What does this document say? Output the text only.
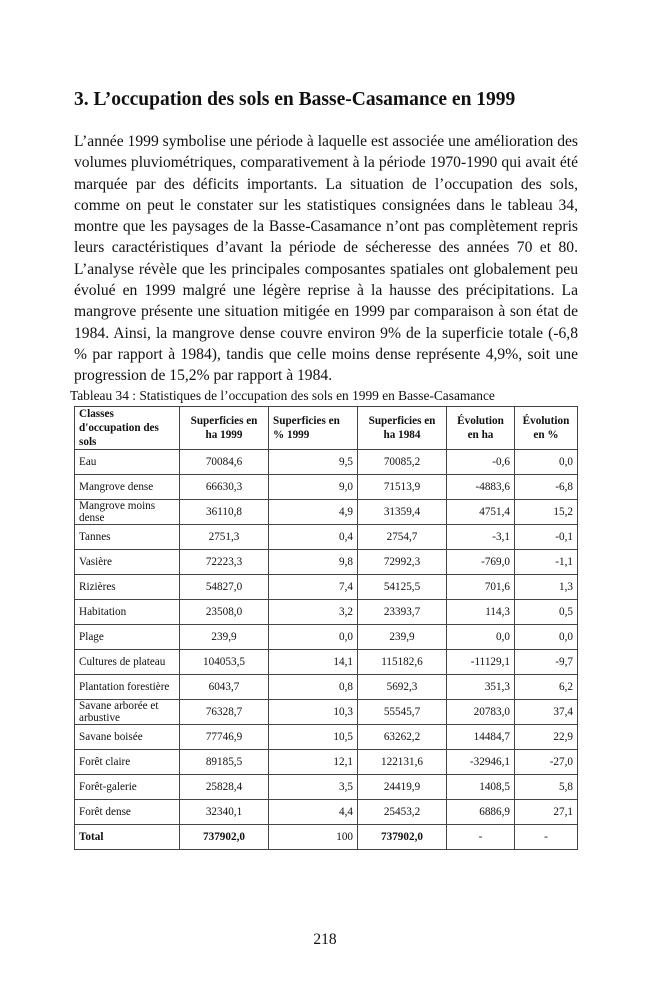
3. L’occupation des sols en Basse-Casamance en 1999

L’année 1999 symbolise une période à laquelle est associée une amélioration des volumes pluviométriques, comparativement à la période 1970-1990 qui avait été marquée par des déficits importants. La situation de l’occupation des sols, comme on peut le constater sur les statistiques consignées dans le tableau 34, montre que les paysages de la Basse-Casamance n’ont pas complètement repris leurs caractéristiques d’avant la période de sécheresse des années 70 et 80. L’analyse révèle que les principales composantes spatiales ont globalement peu évolué en 1999 malgré une légère reprise à la hausse des précipitations. La mangrove présente une situation mitigée en 1999 par comparaison à son état de 1984. Ainsi, la mangrove dense couvre environ 9% de la superficie totale (-6,8 % par rapport à 1984), tandis que celle moins dense représente 4,9%, soit une progression de 15,2% par rapport à 1984.

Tableau 34 : Statistiques de l’occupation des sols en 1999 en Basse-Casamance
Classes d'occupation des sols	Superficies en ha 1999	Superficies en % 1999	Superficies en ha 1984	Évolution en ha	Évolution en %
Eau	70084,6	9,5	70085,2	-0,6	0,0
Mangrove dense	66630,3	9,0	71513,9	-4883,6	-6,8
Mangrove moins dense	36110,8	4,9	31359,4	4751,4	15,2
Tannes	2751,3	0,4	2754,7	-3,1	-0,1
Vasière	72223,3	9,8	72992,3	-769,0	-1,1
Rizières	54827,0	7,4	54125,5	701,6	1,3
Habitation	23508,0	3,2	23393,7	114,3	0,5
Plage	239,9	0,0	239,9	0,0	0,0
Cultures de plateau	104053,5	14,1	115182,6	-11129,1	-9,7
Plantation forestière	6043,7	0,8	5692,3	351,3	6,2
Savane arborée et arbustive	76328,7	10,3	55545,7	20783,0	37,4
Savane boisée	77746,9	10,5	63262,2	14484,7	22,9
Forêt claire	89185,5	12,1	122131,6	-32946,1	-27,0
Forêt-galerie	25828,4	3,5	24419,9	1408,5	5,8
Forêt dense	32340,1	4,4	25453,2	6886,9	27,1
Total	737902,0	100	737902,0	-	-
218
